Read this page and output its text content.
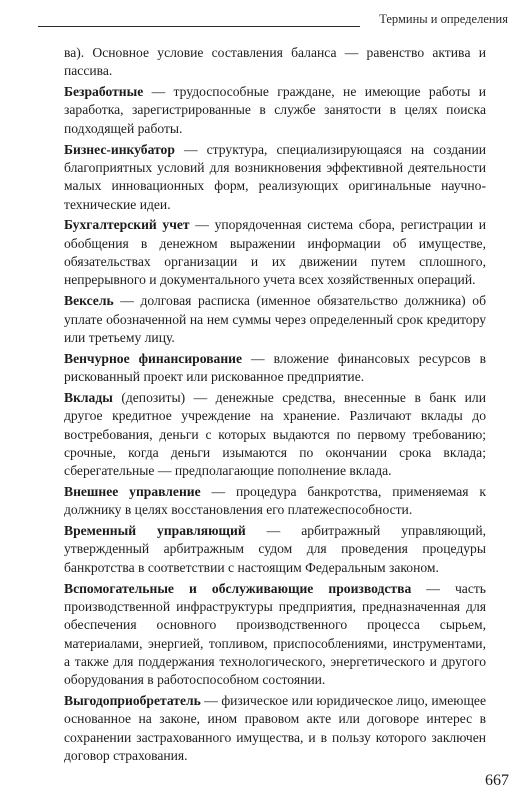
Термины и определения

ва). Основное условие составления баланса — равенство активa и пассива.

Безработные — трудоспособные граждане, не имеющие работы и заработка, зарегистрированные в службе занятости в целях поиска подходящей работы.

Бизнес-инкубатор — структура, специализирующаяся на создании благоприятных условий для возникновения эффективной деятельности малых инновационных форм, реализующих оригинальные научно-технические идеи.

Бухгалтерский учет — упорядоченная система сбора, регистрации и обобщения в денежном выражении информации об имуществе, обязательствах организации и их движении путем сплошного, непрерывного и документального учета всех хозяйственных операций.

Вексель — долговая расписка (именное обязательство должника) об уплате обозначенной на нем суммы через определенный срок кредитору или третьему лицу.

Венчурное финансирование — вложение финансовых ресурсов в рискованный проект или рискованное предприятие.

Вклады (депозиты) — денежные средства, внесенные в банк или другое кредитное учреждение на хранение. Различают вклады до востребования, деньги с которых выдаются по первому требованию; срочные, когда деньги изымаются по окончании срока вклада; сберегательные — предполагающие пополнение вклада.

Внешнее управление — процедура банкротства, применяемая к должнику в целях восстановления его платежеспособности.

Временный управляющий — арбитражный управляющий, утвержденный арбитражным судом для проведения процедуры банкротства в соответствии с настоящим Федеральным законом.

Вспомогательные и обслуживающие производства — часть производственной инфраструктуры предприятия, предназначенная для обеспечения основного производственного процесса сырьем, материалами, энергией, топливом, приспособлениями, инструментами, а также для поддержания технологического, энергетического и другого оборудования в работоспособном состоянии.

Выгодоприобретатель — физическое или юридическое лицо, имеющее основанное на законе, ином правовом акте или договоре интерес в сохранении застрахованного имущества, и в пользу которого заключен договор страхования.

667
